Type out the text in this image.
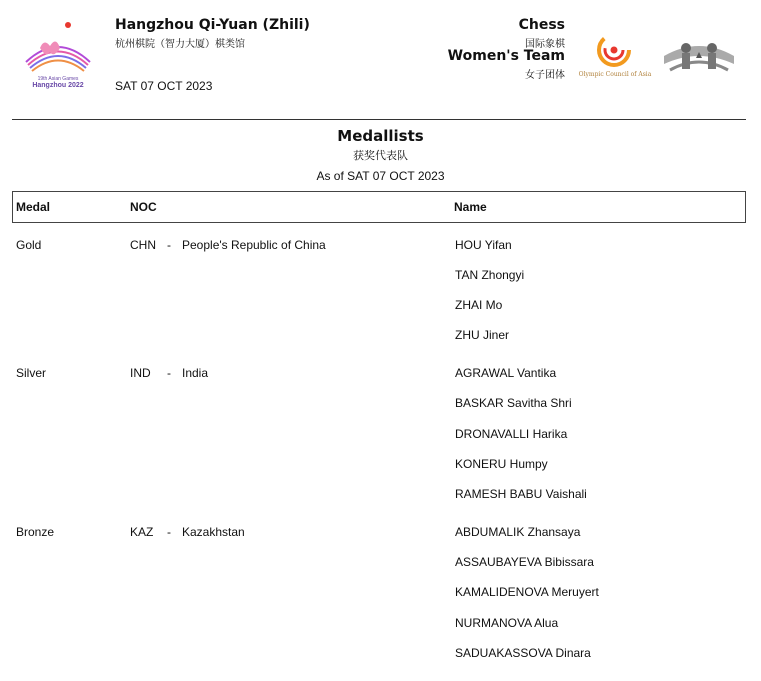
19th Asian Games
Hangzhou 2022
Hangzhou Qi-Yuan (Zhili)
杭州棋院（智力大厦）棋类馆
SAT 07 OCT 2023
Chess
国际象棋
Women's Team
女子团体	Olympic Council of Asia
Medallists
获奖代表队
As of SAT 07 OCT 2023
Medal	NOC	Name
Gold	CHN - People's Republic of China	HOU Yifan
TAN Zhongyi
ZHAI Mo
ZHU Jiner
Silver	IND - India	AGRAWAL Vantika
BASKAR Savitha Shri
DRONAVALLI Harika
KONERU Humpy
RAMESH BABU Vaishali
Bronze	KAZ - Kazakhstan	ABDUMALIK Zhansaya
ASSAUBAYEVA Bibissara
KAMALIDENOVA Meruyert
NURMANOVA Alua
SADUAKASSOVA Dinara
